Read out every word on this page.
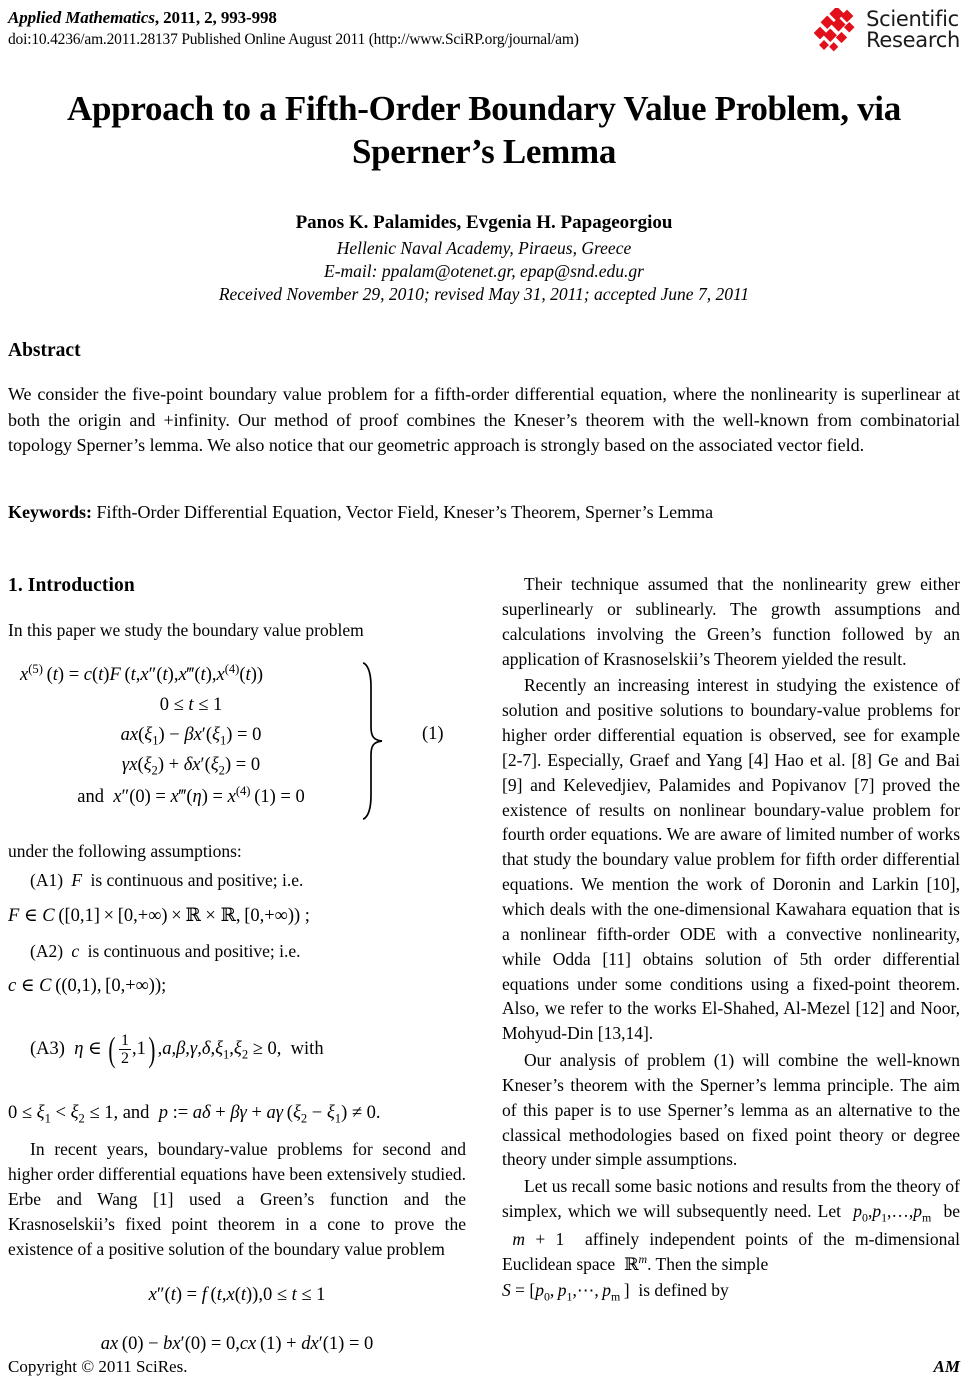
Applied Mathematics, 2011, 2, 993-998
doi:10.4236/am.2011.28137 Published Online August 2011 (http://www.SciRP.org/journal/am)
Scientific
Research
Approach to a Fifth-Order Boundary Value Problem, via Sperner’s Lemma
Panos K. Palamides, Evgenia H. Papageorgiou
Hellenic Naval Academy, Piraeus, Greece
E-mail: ppalam@otenet.gr, epap@snd.edu.gr
Received November 29, 2010; revised May 31, 2011; accepted June 7, 2011
Abstract
We consider the five-point boundary value problem for a fifth-order differential equation, where the nonlinearity is superlinear at both the origin and +infinity. Our method of proof combines the Kneser’s theorem with the well-known from combinatorial topology Sperner’s lemma. We also notice that our geometric approach is strongly based on the associated vector field.
Keywords: Fifth-Order Differential Equation, Vector Field, Kneser’s Theorem, Sperner’s Lemma
1. Introduction
In this paper we study the boundary value problem
$x^{(5)}$ (t) = c(t)F $(t,x''(t),x‴(t),x^{(4)}(t))$
0 ≤ t ≤ 1
$ax(\xi_1) - \beta x'(\xi_1) = 0$
$\gamma x(\xi_2) + \delta x'(\xi_2) = 0$
and  x″(0) = x‴(η) = $x^{(4)}$ (1) = 0
(1)
under the following assumptions:
(A1) F is continuous and positive; i.e.
F ∈ C ([0,1] × [0,+∞) × ℝ × ℝ, [0,+∞)) ;
(A2) c is continuous and positive; i.e.
c ∈ C ((0,1), [0,+∞));
(A3) η ∈ ( $\frac{1}{2} ,1$) $,a,\beta,\gamma,\delta,\xi_1,\xi_2 \ge 0$,  with
$0 \le \xi_1 < \xi_2 \le 1$, and  p := aδ + βγ + aγ $(\xi_2 - \xi_1) \ne 0$.
In recent years, boundary-value problems for second and higher order differential equations have been extensively studied. Erbe and Wang [1] used a Green’s function and the Krasnoselskii’s fixed point theorem in a cone to prove the existence of a positive solution of the boundary value problem
x″(t) = f (t,x(t)),0 ≤ t ≤ 1
ax (0) − bx′(0) = 0,cx (1) + dx′(1) = 0
Their technique assumed that the nonlinearity grew either superlinearly or sublinearly. The growth assumptions and calculations involving the Green’s function followed by an application of Krasnoselskii’s Theorem yielded the result.
Recently an increasing interest in studying the existence of solution and positive solutions to boundary-value problems for higher order differential equation is observed, see for example [2-7]. Especially, Graef and Yang [4] Hao et al. [8] Ge and Bai [9] and Kelevedjiev, Palamides and Popivanov [7] proved the existence of results on nonlinear boundary-value problem for fourth order equations. We are aware of limited number of works that study the boundary value problem for fifth order differential equations. We mention the work of Doronin and Larkin [10], which deals with the one-dimensional Kawahara equation that is a nonlinear fifth-order ODE with a convective nonlinearity, while Odda [11] obtains solution of 5th order differential equations under some conditions using a fixed-point theorem. Also, we refer to the works El-Shahed, Al-Mezel [12] and Noor, Mohyud-Din [13,14].
Our analysis of problem (1) will combine the well-known Kneser’s theorem with the Sperner’s lemma principle. The aim of this paper is to use Sperner’s lemma as an alternative to the classical methodologies based on fixed point theory or degree theory under simple assumptions.
Let us recall some basic notions and results from the theory of simplex, which we will subsequently need. Let $p_0,p_1,\dots,p_m$ be  m + 1 affinely independent points of the m-dimensional Euclidean space ℝ$^m$. Then the simple
$S = [p_0$, $p_1,\cdots$, $p_m$ ] is defined by
Copyright © 2011 SciRes.	AM
